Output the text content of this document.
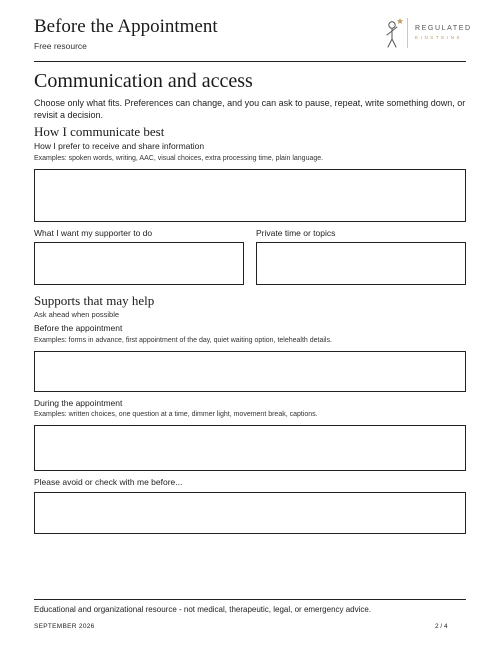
Before the Appointment
Free resource
REGULATED
EINSTEINS
Communication and access
Choose only what fits. Preferences can change, and you can ask to pause, repeat, write something down, or revisit a decision.
How I communicate best
How I prefer to receive and share information
Examples: spoken words, writing, AAC, visual choices, extra processing time, plain language.
What I want my supporter to do	Private time or topics
Supports that may help
Ask ahead when possible
Before the appointment
Examples: forms in advance, first appointment of the day, quiet waiting option, telehealth details.
During the appointment
Examples: written choices, one question at a time, dimmer light, movement break, captions.
Please avoid or check with me before...
Educational and organizational resource - not medical, therapeutic, legal, or emergency advice.
SEPTEMBER 2026	2 / 4
